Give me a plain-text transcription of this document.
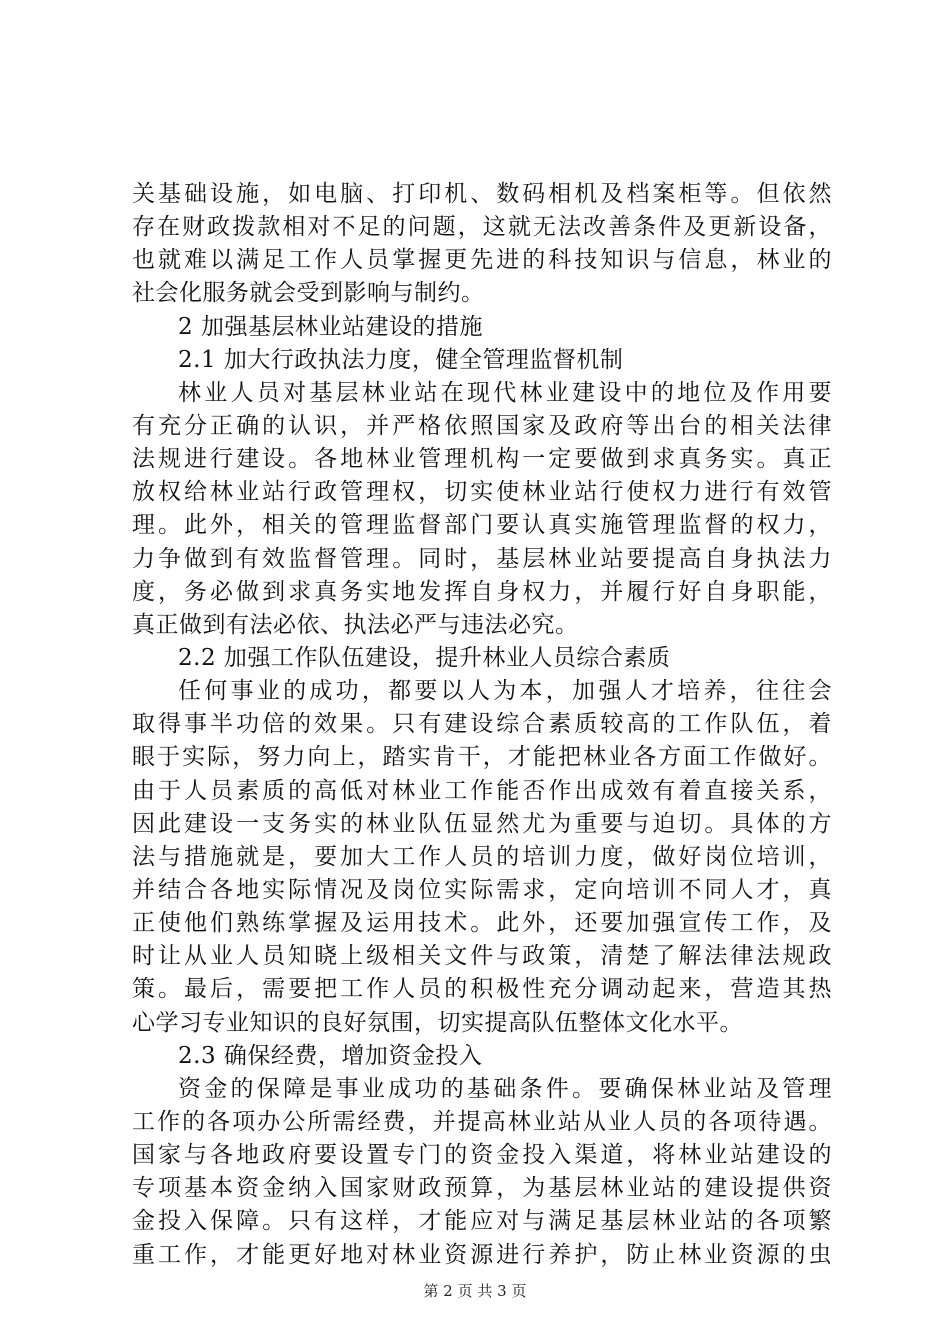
关基础设施，如电脑、打印机、数码相机及档案柜等。但依然
存在财政拨款相对不足的问题，这就无法改善条件及更新设备，
也就难以满足工作人员掌握更先进的科技知识与信息，林业的
社会化服务就会受到影响与制约。
2 加强基层林业站建设的措施
2.1 加大行政执法力度，健全管理监督机制
林业人员对基层林业站在现代林业建设中的地位及作用要
有充分正确的认识，并严格依照国家及政府等出台的相关法律
法规进行建设。各地林业管理机构一定要做到求真务实。真正
放权给林业站行政管理权，切实使林业站行使权力进行有效管
理。此外，相关的管理监督部门要认真实施管理监督的权力，
力争做到有效监督管理。同时，基层林业站要提高自身执法力
度，务必做到求真务实地发挥自身权力，并履行好自身职能，
真正做到有法必依、执法必严与违法必究。
2.2 加强工作队伍建设，提升林业人员综合素质
任何事业的成功，都要以人为本，加强人才培养，往往会
取得事半功倍的效果。只有建设综合素质较高的工作队伍，着
眼于实际，努力向上，踏实肯干，才能把林业各方面工作做好。
由于人员素质的高低对林业工作能否作出成效有着直接关系，
因此建设一支务实的林业队伍显然尤为重要与迫切。具体的方
法与措施就是，要加大工作人员的培训力度，做好岗位培训，
并结合各地实际情况及岗位实际需求，定向培训不同人才，真
正使他们熟练掌握及运用技术。此外，还要加强宣传工作，及
时让从业人员知晓上级相关文件与政策，清楚了解法律法规政
策。最后，需要把工作人员的积极性充分调动起来，营造其热
心学习专业知识的良好氛围，切实提高队伍整体文化水平。
2.3 确保经费，增加资金投入
资金的保障是事业成功的基础条件。要确保林业站及管理
工作的各项办公所需经费，并提高林业站从业人员的各项待遇。
国家与各地政府要设置专门的资金投入渠道，将林业站建设的
专项基本资金纳入国家财政预算，为基层林业站的建设提供资
金投入保障。只有这样，才能应对与满足基层林业站的各项繁
重工作，才能更好地对林业资源进行养护，防止林业资源的虫
第 2 页 共 3 页
